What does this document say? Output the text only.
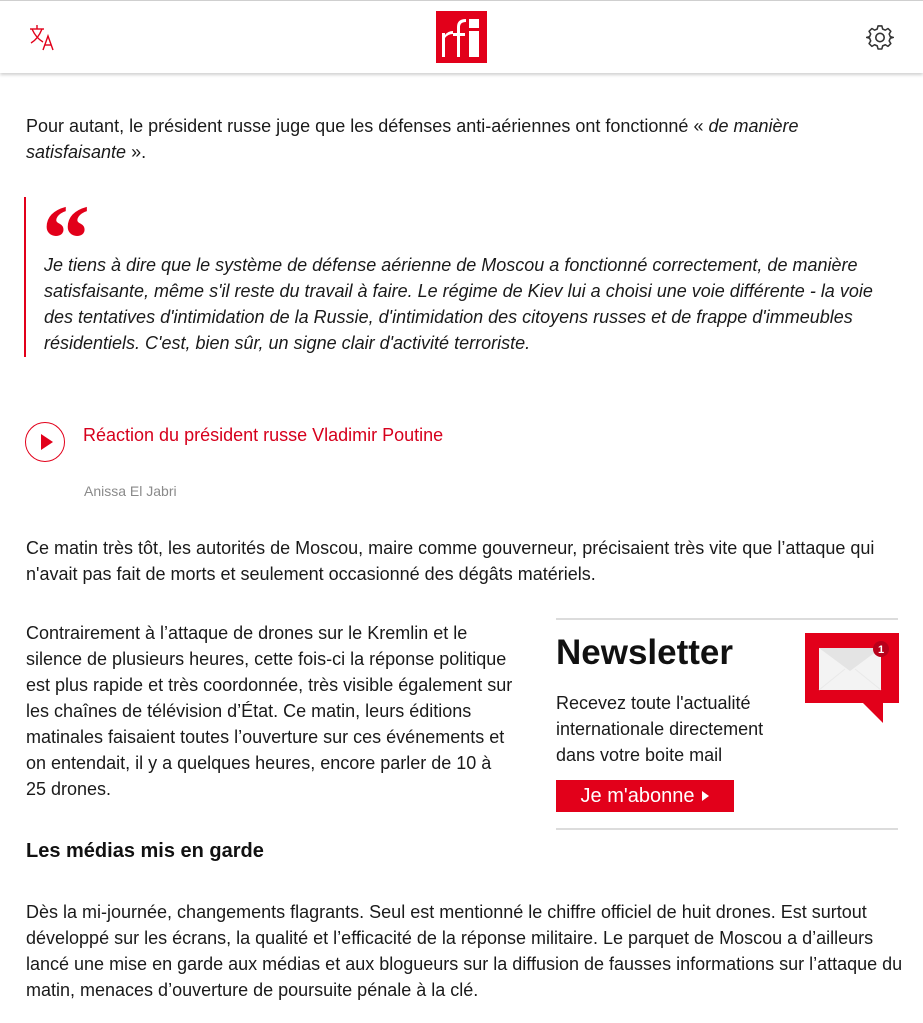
Pour autant, le président russe juge que les défenses anti-aériennes ont fonctionné « de manière satisfaisante ».

“
Je tiens à dire que le système de défense aérienne de Moscou a fonctionné correctement, de manière satisfaisante, même s'il reste du travail à faire. Le régime de Kiev lui a choisi une voie différente - la voie des tentatives d'intimidation de la Russie, d'intimidation des citoyens russes et de frappe d'immeubles résidentiels. C'est, bien sûr, un signe clair d'activité terroriste.
Réaction du président russe Vladimir Poutine
Anissa El Jabri

Ce matin très tôt, les autorités de Moscou, maire comme gouverneur, précisaient très vite que l’attaque qui n'avait pas fait de morts et seulement occasionné des dégâts matériels.

Contrairement à l’attaque de drones sur le Kremlin et le silence de plusieurs heures, cette fois-ci la réponse politique est plus rapide et très coordonnée, très visible également sur les chaînes de télévision d’État. Ce matin, leurs éditions matinales faisaient toutes l’ouverture sur ces événements et on entendait, il y a quelques heures, encore parler de 10 à 25 drones.

Newsletter
Recevez toute l'actualité internationale directement dans votre boite mail
Je m'abonne
1
Les médias mis en garde

Dès la mi-journée, changements flagrants. Seul est mentionné le chiffre officiel de huit drones. Est surtout développé sur les écrans, la qualité et l’efficacité de la réponse militaire. Le parquet de Moscou a d’ailleurs lancé une mise en garde aux médias et aux blogueurs sur la diffusion de fausses informations sur l’attaque du matin, menaces d’ouverture de poursuite pénale à la clé.
